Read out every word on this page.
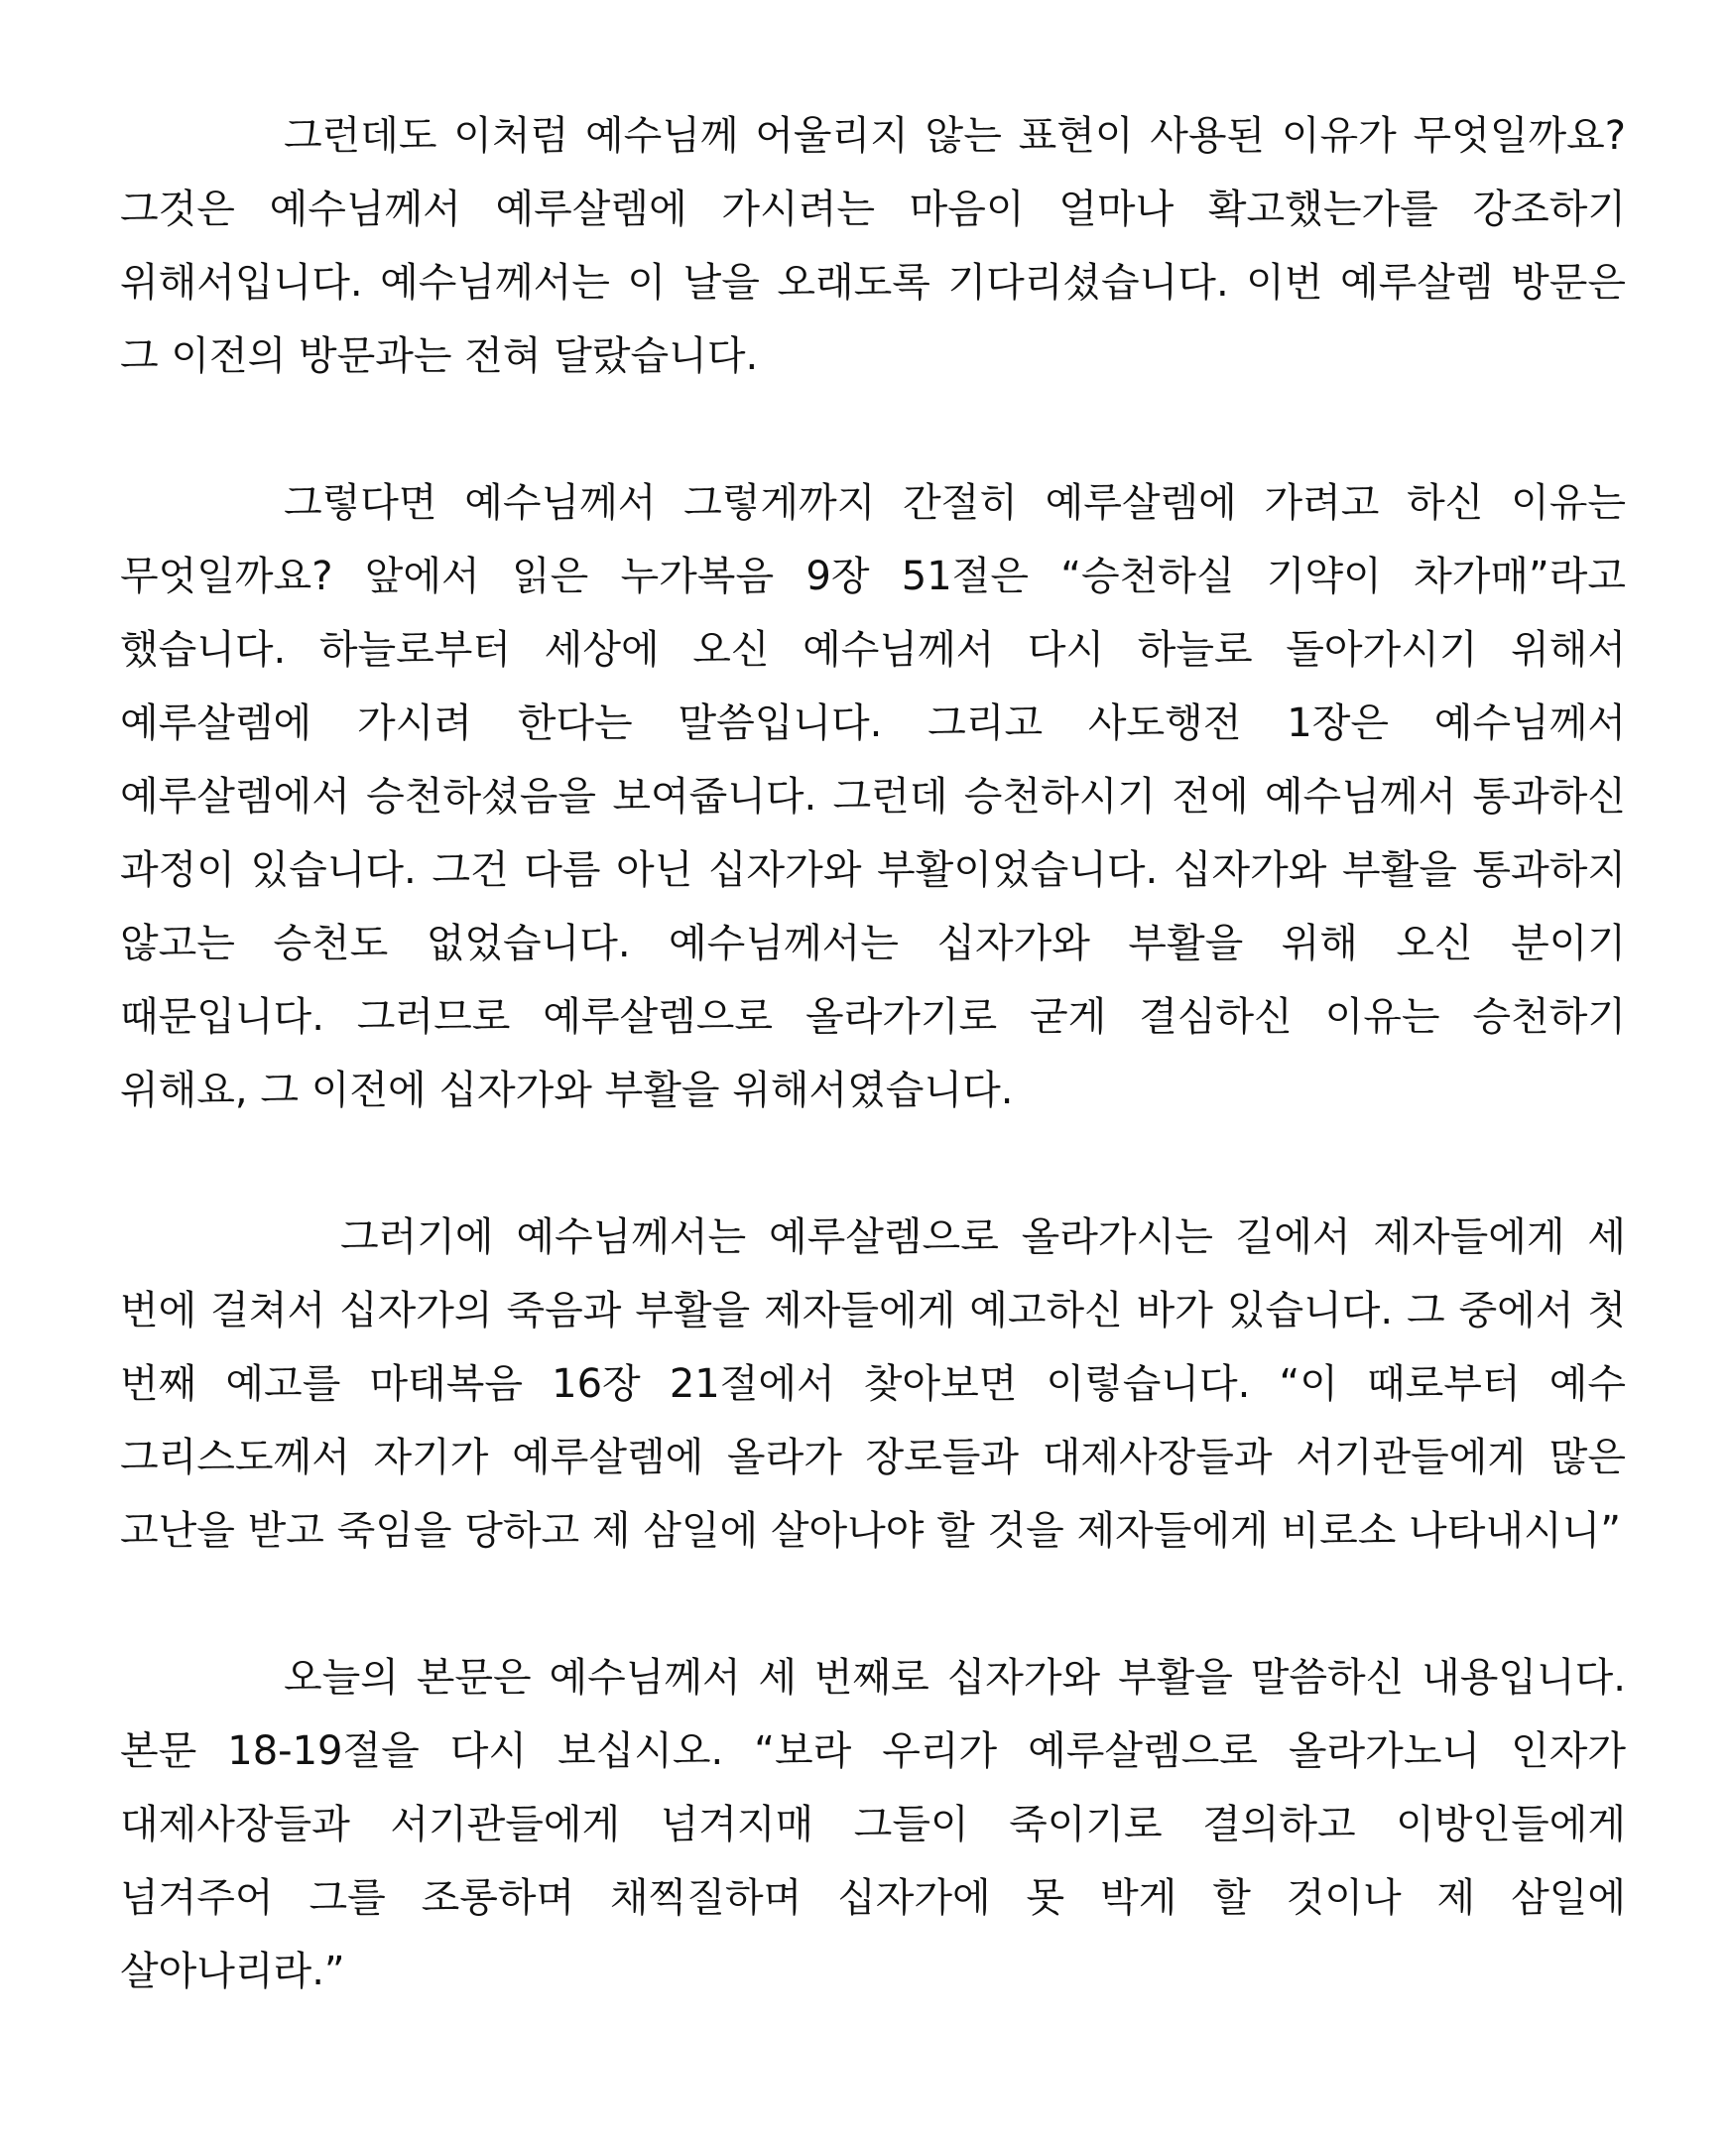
그런데도 이처럼 예수님께 어울리지 않는 표현이 사용된 이유가 무엇일까요? 그것은 예수님께서 예루살렘에 가시려는 마음이 얼마나 확고했는가를 강조하기 위해서입니다. 예수님께서는 이 날을 오래도록 기다리셨습니다. 이번 예루살렘 방문은 그 이전의 방문과는 전혀 달랐습니다.

그렇다면 예수님께서 그렇게까지 간절히 예루살렘에 가려고 하신 이유는 무엇일까요? 앞에서 읽은 누가복음 9장 51절은 “승천하실 기약이 차가매”라고 했습니다. 하늘로부터 세상에 오신 예수님께서 다시 하늘로 돌아가시기 위해서 예루살렘에 가시려 한다는 말씀입니다. 그리고 사도행전 1장은 예수님께서 예루살렘에서 승천하셨음을 보여줍니다. 그런데 승천하시기 전에 예수님께서 통과하신 과정이 있습니다. 그건 다름 아닌 십자가와 부활이었습니다. 십자가와 부활을 통과하지 않고는 승천도 없었습니다. 예수님께서는 십자가와 부활을 위해 오신 분이기 때문입니다. 그러므로 예루살렘으로 올라가기로 굳게 결심하신 이유는 승천하기 위해요, 그 이전에 십자가와 부활을 위해서였습니다.

그러기에 예수님께서는 예루살렘으로 올라가시는 길에서 제자들에게 세 번에 걸쳐서 십자가의 죽음과 부활을 제자들에게 예고하신 바가 있습니다. 그 중에서 첫 번째 예고를 마태복음 16장 21절에서 찾아보면 이렇습니다. “이 때로부터 예수 그리스도께서 자기가 예루살렘에 올라가 장로들과 대제사장들과 서기관들에게 많은 고난을 받고 죽임을 당하고 제 삼일에 살아나야 할 것을 제자들에게 비로소 나타내시니”

오늘의 본문은 예수님께서 세 번째로 십자가와 부활을 말씀하신 내용입니다. 본문 18-19절을 다시 보십시오. “보라 우리가 예루살렘으로 올라가노니 인자가 대제사장들과 서기관들에게 넘겨지매 그들이 죽이기로 결의하고 이방인들에게 넘겨주어 그를 조롱하며 채찍질하며 십자가에 못 박게 할 것이나 제 삼일에 살아나리라.”
